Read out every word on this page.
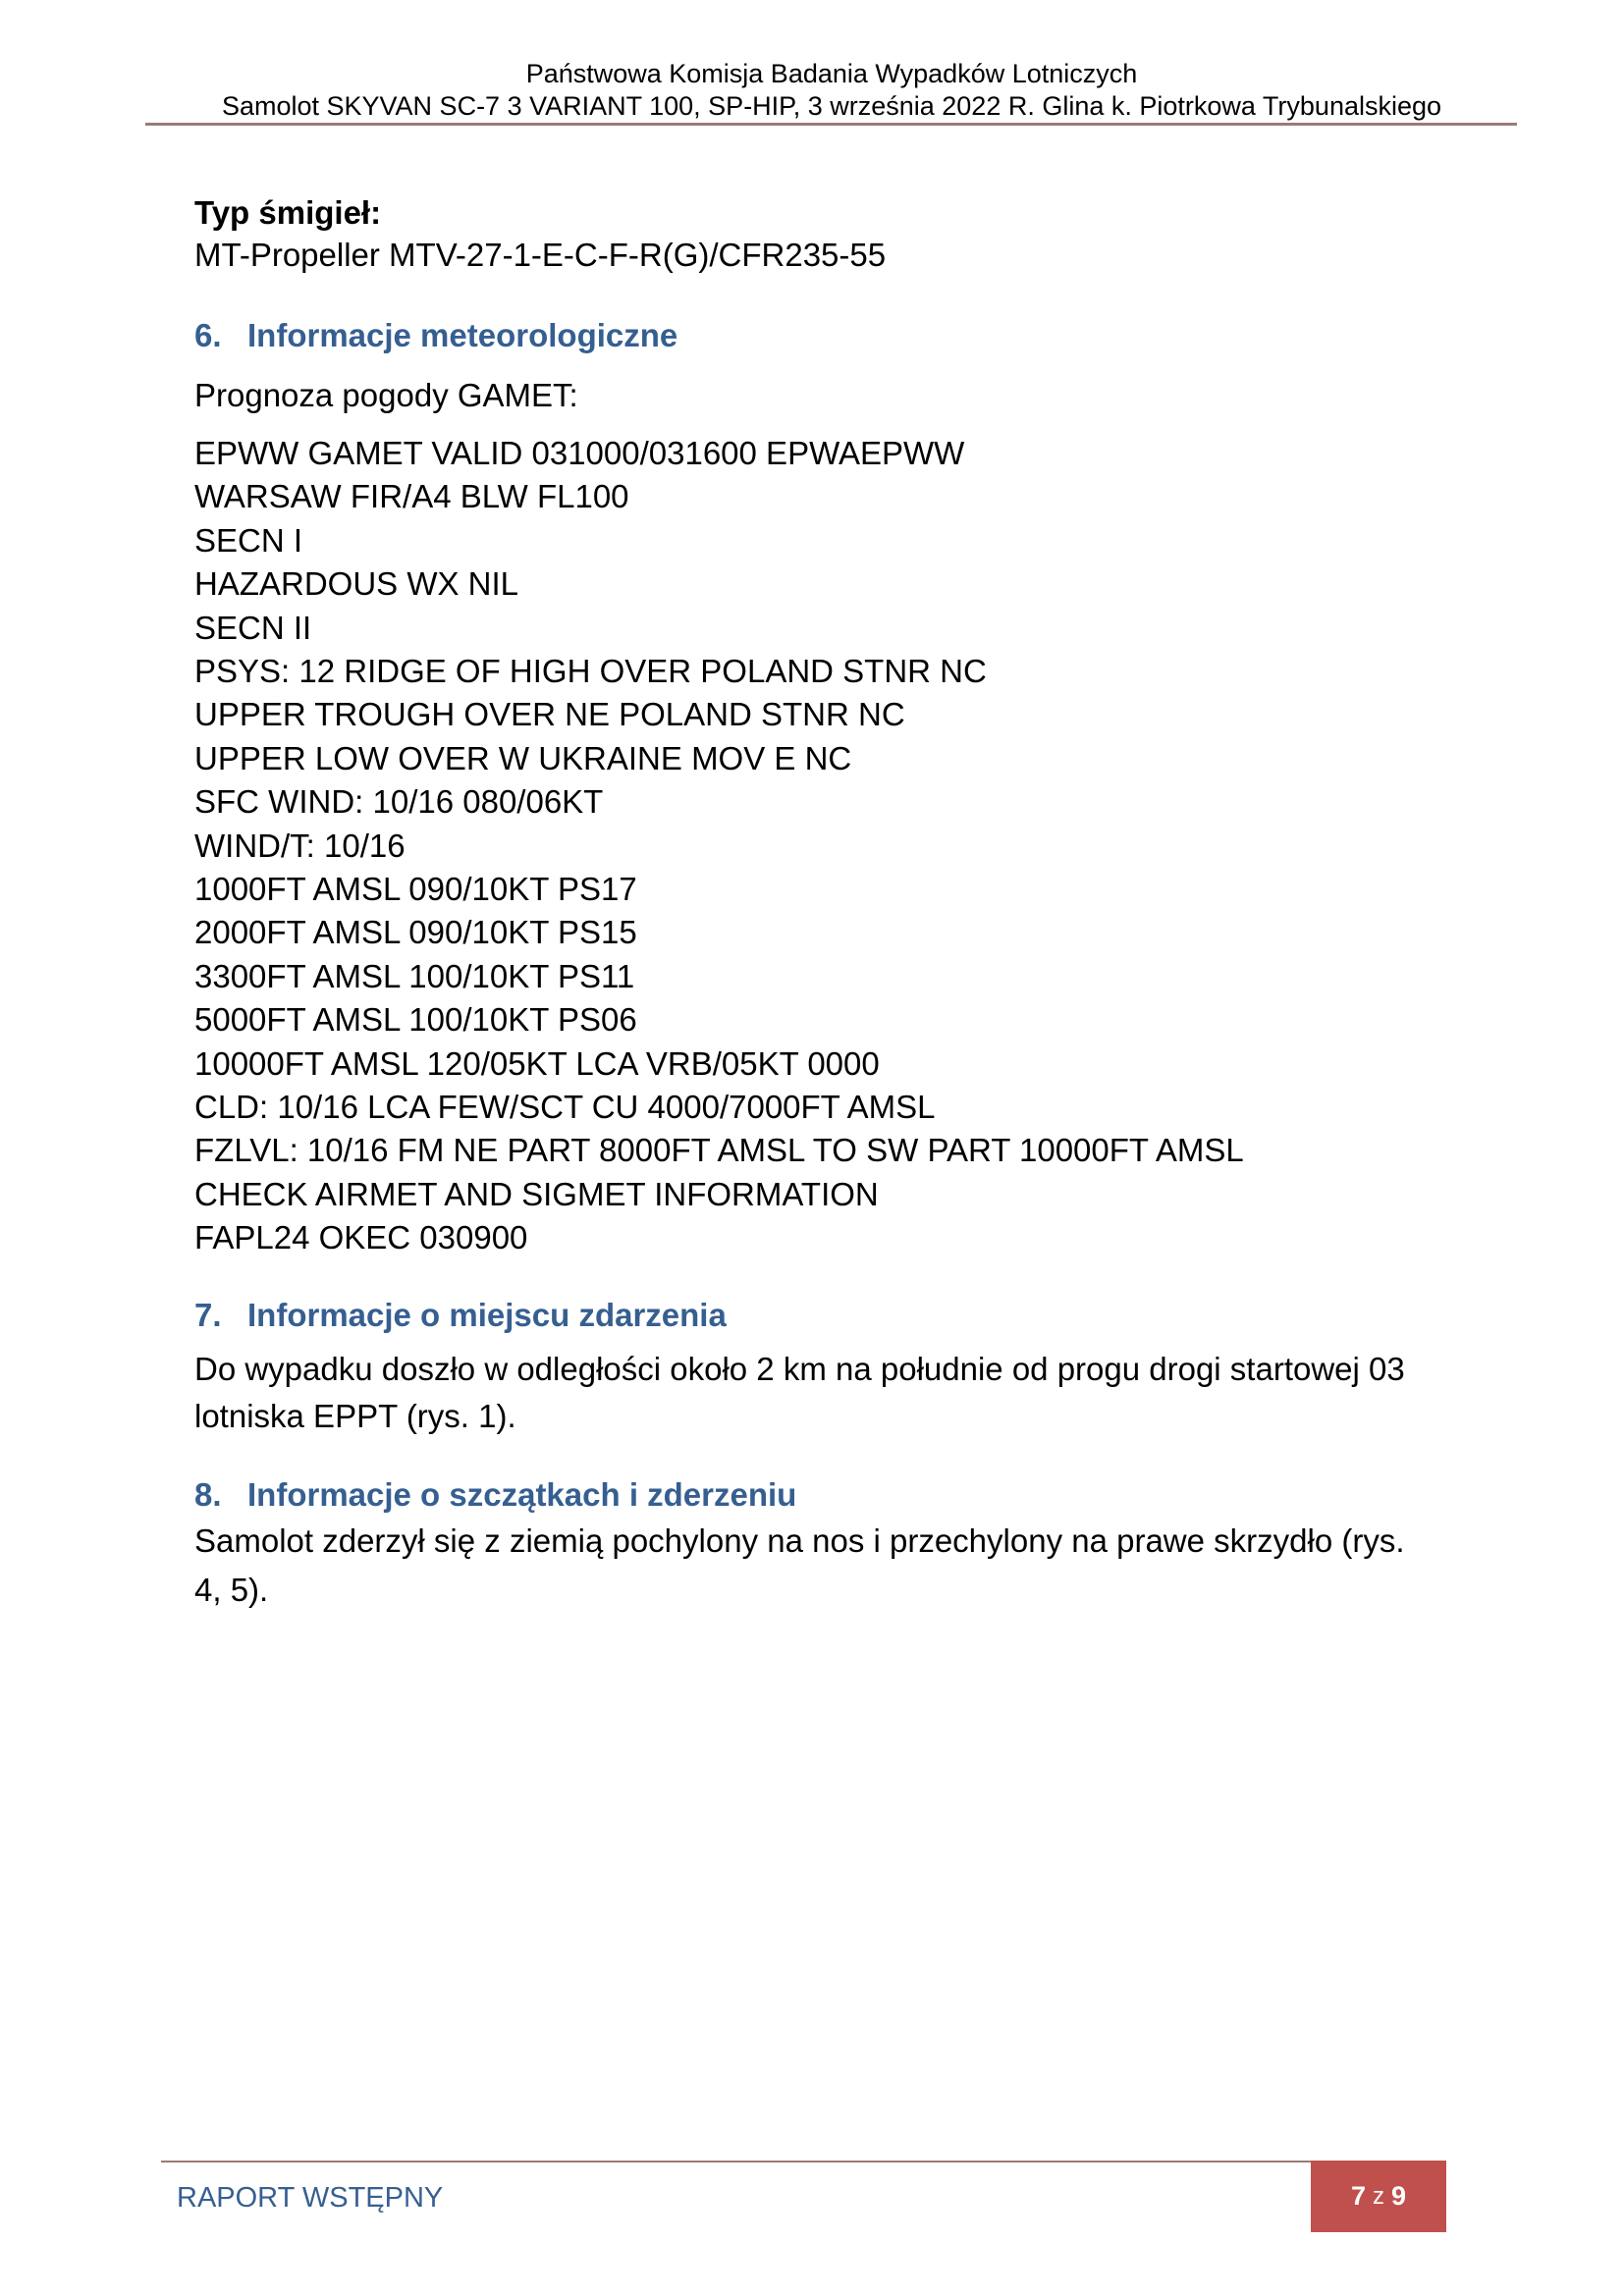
Państwowa Komisja Badania Wypadków Lotniczych
Samolot SKYVAN SC-7 3 VARIANT 100, SP-HIP, 3 września 2022 R. Glina k. Piotrkowa Trybunalskiego
Typ śmigieł:
MT-Propeller MTV-27-1-E-C-F-R(G)/CFR235-55
6. Informacje meteorologiczne
Prognoza pogody GAMET:
EPWW GAMET VALID 031000/031600 EPWAEPWW
WARSAW FIR/A4 BLW FL100
SECN I
HAZARDOUS WX NIL
SECN II
PSYS: 12 RIDGE OF HIGH OVER POLAND STNR NC
UPPER TROUGH OVER NE POLAND STNR NC
UPPER LOW OVER W UKRAINE MOV E NC
SFC WIND: 10/16 080/06KT
WIND/T: 10/16
1000FT AMSL 090/10KT PS17
2000FT AMSL 090/10KT PS15
3300FT AMSL 100/10KT PS11
5000FT AMSL 100/10KT PS06
10000FT AMSL 120/05KT LCA VRB/05KT 0000
CLD: 10/16 LCA FEW/SCT CU 4000/7000FT AMSL
FZLVL: 10/16 FM NE PART 8000FT AMSL TO SW PART 10000FT AMSL
CHECK AIRMET AND SIGMET INFORMATION
FAPL24 OKEC 030900
7. Informacje o miejscu zdarzenia
Do wypadku doszło w odległości około 2 km na południe od progu drogi startowej 03
lotniska EPPT (rys. 1).
8. Informacje o szczątkach i zderzeniu
Samolot zderzył się z ziemią pochylony na nos i przechylony na prawe skrzydło (rys.
4, 5).
RAPORT WSTĘPNY	7 z 9
